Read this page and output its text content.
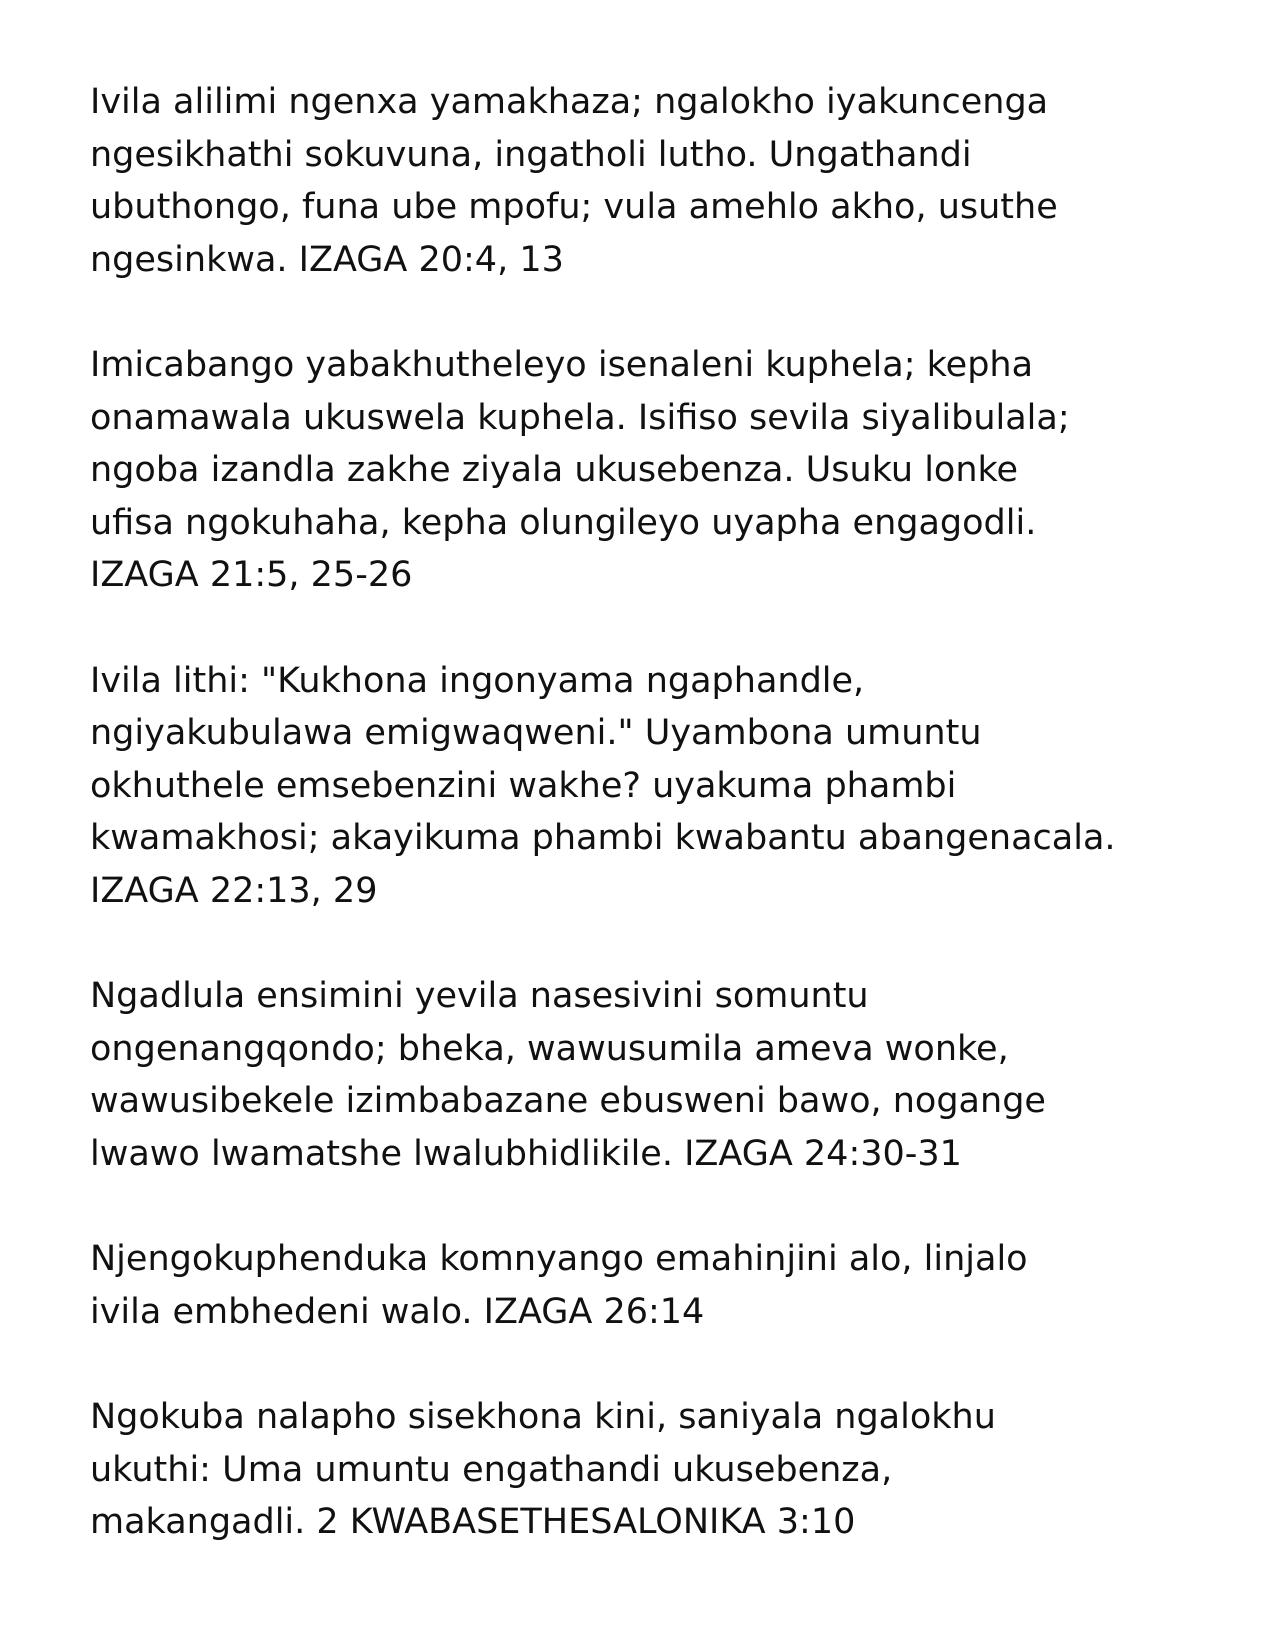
Ivila alilimi ngenxa yamakhaza; ngalokho iyakuncenga
ngesikhathi sokuvuna, ingatholi lutho. Ungathandi
ubuthongo, funa ube mpofu; vula amehlo akho, usuthe
ngesinkwa. IZAGA 20:4, 13

Imicabango yabakhutheleyo isenaleni kuphela; kepha
onamawala ukuswela kuphela. Isifiso sevila siyalibulala;
ngoba izandla zakhe ziyala ukusebenza. Usuku lonke
ufisa ngokuhaha, kepha olungileyo uyapha engagodli.
IZAGA 21:5, 25-26

Ivila lithi: "Kukhona ingonyama ngaphandle,
ngiyakubulawa emigwaqweni." Uyambona umuntu
okhuthele emsebenzini wakhe? uyakuma phambi
kwamakhosi; akayikuma phambi kwabantu abangenacala.
IZAGA 22:13, 29

Ngadlula ensimini yevila nasesivini somuntu
ongenangqondo; bheka, wawusumila ameva wonke,
wawusibekele izimbabazane ebusweni bawo, nogange
lwawo lwamatshe lwalubhidlikile. IZAGA 24:30-31

Njengokuphenduka komnyango emahinjini alo, linjalo
ivila embhedeni walo. IZAGA 26:14

Ngokuba nalapho sisekhona kini, saniyala ngalokhu
ukuthi: Uma umuntu engathandi ukusebenza,
makangadli. 2 KWABASETHESALONIKA 3:10
